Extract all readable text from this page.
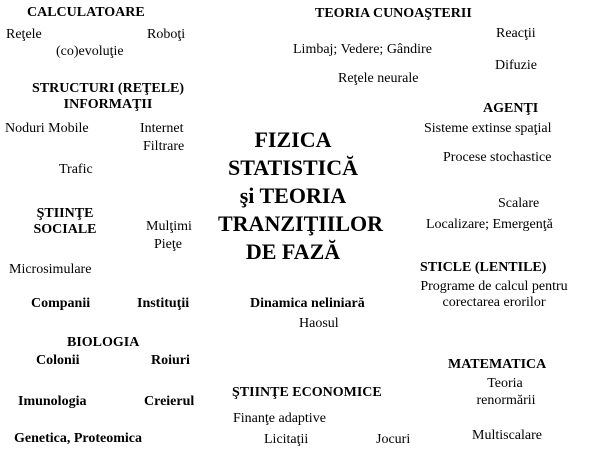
FIZICA
STATISTICĂ
şi TEORIA
TRANZIŢIILOR
DE FAZĂ
CALCULATOARE
Reţele	Roboţi
(co)evoluţie
TEORIA CUNOAŞTERII
Limbaj; Vedere; Gândire
Reacţii
Difuzie
Reţele neurale
STRUCTURI (REŢELE)
INFORMAŢII
Noduri Mobile	Internet
Filtrare
Trafic
AGENŢI
Sisteme extinse spaţial
Procese stochastice
Scalare
Localizare; Emergenţă
ŞTIINŢE
SOCIALE	Mulţimi
Pieţe
Microsimulare
Companii	Instituţii
STICLE (LENTILE)
Programe de calcul pentru
corectarea erorilor
Dinamica neliniară
Haosul
BIOLOGIA
Colonii	Roiuri
Imunologia	Creierul
Genetica, Proteomica
MATEMATICA
Teoria
renormării
Multiscalare
ŞTIINŢE ECONOMICE
Finanţe adaptive
Licitaţii	Jocuri
